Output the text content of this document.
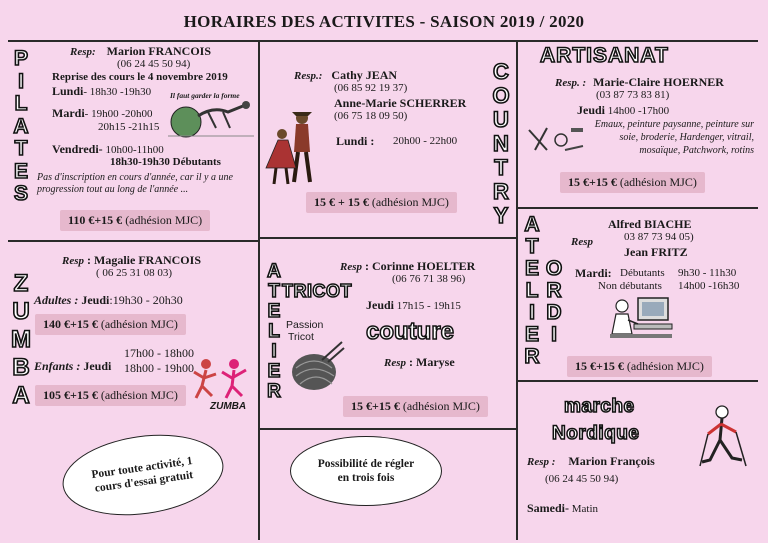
HORAIRES DES ACTIVITES - SAISON 2019 / 2020
P
I
L
A
T
E
S
Resp: Marion FRANCOIS
(06 24 45 50 94)
Reprise des cours le 4 novembre 2019
Lundi- 18h30 -19h30	Il faut garder la forme
Mardi- 19h00 -20h00
20h15 -21h15
Vendredi- 10h00-11h00
18h30-19h30 Débutants
Pas d'inscription en cours d'année, car il y a une progression tout au long de l'année ...
110 €+15 € (adhésion MJC)
Resp.: Cathy JEAN
(06 85 92 19 37)
Anne-Marie SCHERRER
(06 75 18 09 50)
Lundi : 20h00 - 22h00
15 € + 15 € (adhésion MJC)
C
O
U
N
T
R
Y
ARTISANAT
Resp. : Marie-Claire HOERNER
(03 87 73 83 81)
Jeudi 14h00 -17h00
Emaux, peinture paysanne, peinture sur soie, broderie, Hardenger, vitrail, mosaïque, Patchwork, rotins
15 €+15 € (adhésion MJC)
Z
U
M
B
A
Resp : Magalie FRANCOIS
( 06 25 31 08 03)
Adultes : Jeudi:19h30 - 20h30
140 €+15 € (adhésion MJC)
17h00 - 18h00
Enfants : Jeudi 18h00 - 19h00
ZUMBA
105 €+15 € (adhésion MJC)
A
T
E
L
I
E
R
Resp : Corinne HOELTER
(06 76 71 38 96)
TRICOT
Jeudi 17h15 - 19h15
Passion
Tricot	couture
Resp : Maryse
15 €+15 € (adhésion MJC)
A
T
E
L
I
E
R
O
R
D
I
Alfred BIACHE
Resp	03 87 73 94 05)
Jean FRITZ
Mardi: Débutants 9h30 - 11h30
Non débutants 14h00 -16h30
15 €+15 € (adhésion MJC)
marche
Nordique
Resp : Marion François
(06 24 45 50 94)
Samedi- Matin
Pour toute activité, 1 cours d'essai gratuit
Possibilité de régler en trois fois
